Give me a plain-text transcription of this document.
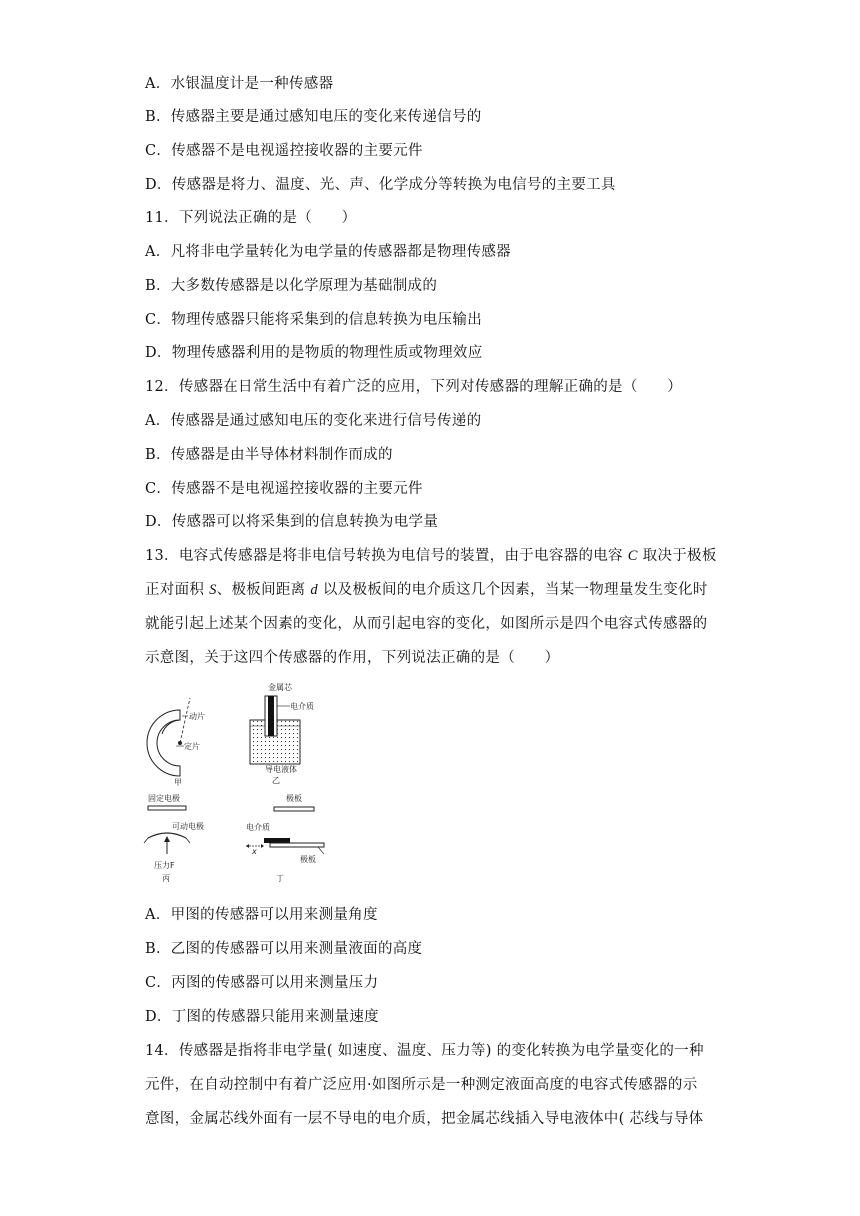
A．水银温度计是一种传感器
B．传感器主要是通过感知电压的变化来传递信号的
C．传感器不是电视遥控接收器的主要元件
D．传感器是将力、温度、光、声、化学成分等转换为电信号的主要工具
11．下列说法正确的是（　　）
A．凡将非电学量转化为电学量的传感器都是物理传感器
B．大多数传感器是以化学原理为基础制成的
C．物理传感器只能将采集到的信息转换为电压输出
D．物理传感器利用的是物质的物理性质或物理效应
12．传感器在日常生活中有着广泛的应用，下列对传感器的理解正确的是（　　）
A．传感器是通过感知电压的变化来进行信号传递的
B．传感器是由半导体材料制作而成的
C．传感器不是电视遥控接收器的主要元件
D．传感器可以将采集到的信息转换为电学量
13．电容式传感器是将非电信号转换为电信号的装置，由于电容器的电容 C 取决于极板
正对面积 S、极板间距离 d 以及极板间的电介质这几个因素，当某一物理量发生变化时
就能引起上述某个因素的变化，从而引起电容的变化，如图所示是四个电容式传感器的
示意图，关于这四个传感器的作用，下列说法正确的是（　　）
动片
定片
甲
金属芯
电介质
导电液体
乙
固定电极
可动电极
压力F
丙
极板
电介质
x
极板
丁
A．甲图的传感器可以用来测量角度
B．乙图的传感器可以用来测量液面的高度
C．丙图的传感器可以用来测量压力
D．丁图的传感器只能用来测量速度
14．传感器是指将非电学量( 如速度、温度、压力等) 的变化转换为电学量变化的一种
元件，在自动控制中有着广泛应用·如图所示是一种测定液面高度的电容式传感器的示
意图，金属芯线外面有一层不导电的电介质，把金属芯线插入导电液体中( 芯线与导体
